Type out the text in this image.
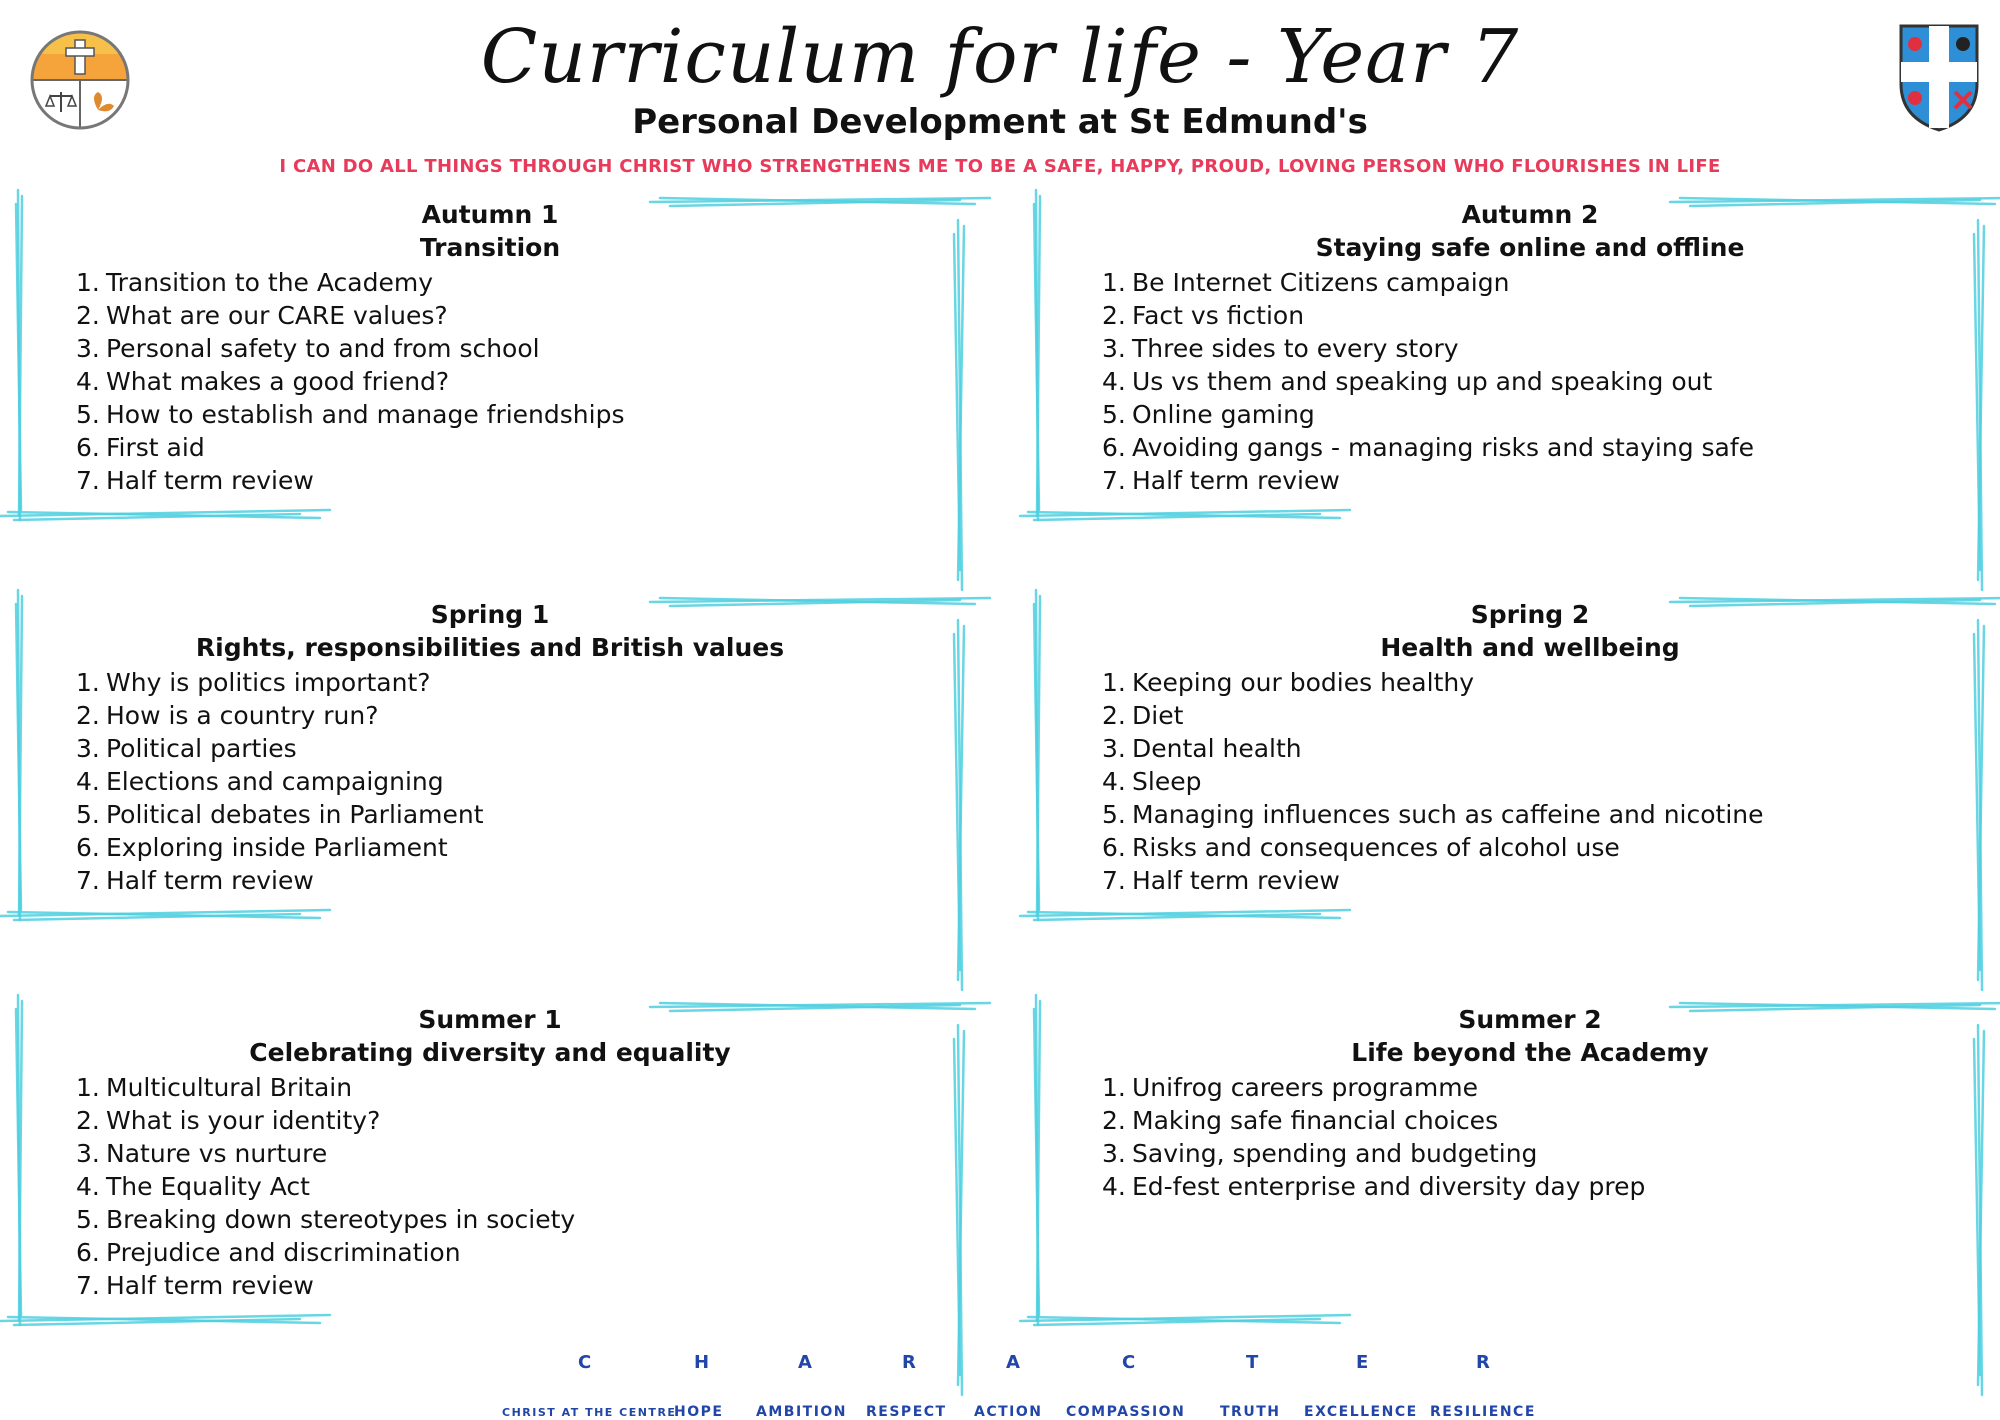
Curriculum for life - Year 7
Personal Development at St Edmund's
I CAN DO ALL THINGS THROUGH CHRIST WHO STRENGTHENS ME TO BE A SAFE, HAPPY, PROUD, LOVING PERSON WHO FLOURISHES IN LIFE
Autumn 1
Transition
1. Transition to the Academy
2. What are our CARE values?
3. Personal safety to and from school
4. What makes a good friend?
5. How to establish and manage friendships
6. First aid
7. Half term review
Autumn 2
Staying safe online and offline
1. Be Internet Citizens campaign
2. Fact vs fiction
3. Three sides to every story
4. Us vs them and speaking up and speaking out
5. Online gaming
6. Avoiding gangs - managing risks and staying safe
7. Half term review
Spring 1
Rights, responsibilities and British values
1. Why is politics important?
2. How is a country run?
3. Political parties
4. Elections and campaigning
5. Political debates in Parliament
6. Exploring inside Parliament
7. Half term review
Spring 2
Health and wellbeing
1. Keeping our bodies healthy
2. Diet
3. Dental health
4. Sleep
5. Managing influences such as caffeine and nicotine
6. Risks and consequences of alcohol use
7. Half term review
Summer 1
Celebrating diversity and equality
1. Multicultural Britain
2. What is your identity?
3. Nature vs nurture
4. The Equality Act
5. Breaking down stereotypes in society
6. Prejudice and discrimination
7. Half term review
Summer 2
Life beyond the Academy
1. Unifrog careers programme
2. Making safe financial choices
3. Saving, spending and budgeting
4. Ed-fest enterprise and diversity day prep
C	H	A	R	A	C	T	E	R
CHRIST AT THE CENTRE
HOPE AMBITION RESPECT ACTION COMPASSION TRUTH EXCELLENCE RESILIENCE
